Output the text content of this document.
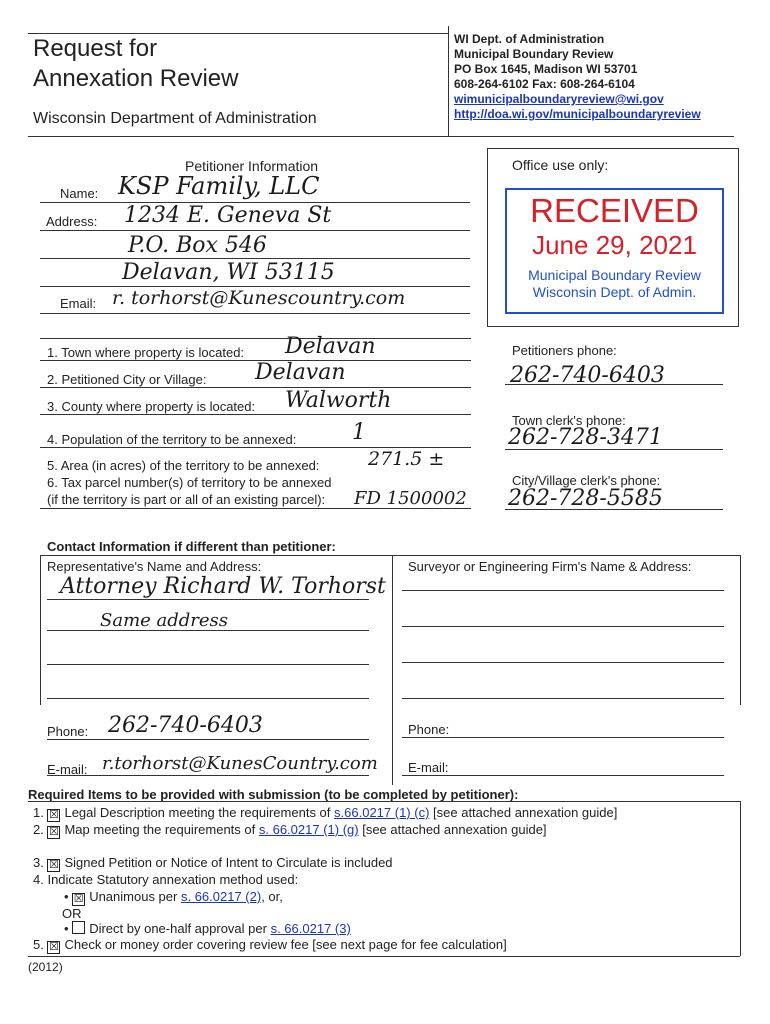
Request for
Annexation Review
Wisconsin Department of Administration
WI Dept. of Administration
Municipal Boundary Review
PO Box 1645, Madison WI 53701
608-264-6102 Fax: 608-264-6104
wimunicipalboundaryreview@wi.gov
http://doa.wi.gov/municipalboundaryreview
Petitioner Information
Name: KSP Family, LLC
Address: 1234 E. Geneva St
P.O. Box 546
Delavan, WI 53115
Email: r. torhorst@Kunescountry.com
Office use only:
RECEIVED
June 29, 2021
Municipal Boundary Review
Wisconsin Dept. of Admin.
1. Town where property is located: Delavan
2. Petitioned City or Village: Delavan
3. County where property is located: Walworth
4. Population of the territory to be annexed:	1
5. Area (in acres) of the territory to be annexed:	271.5 ±
6. Tax parcel number(s) of territory to be annexed
(if the territory is part or all of an existing parcel): FD 1500002
Petitioners phone:
262-740-6403
Town clerk's phone:
262-728-3471
City/Village clerk's phone:
262-728-5585
Contact Information if different than petitioner:
Representative's Name and Address:
Attorney Richard W. Torhorst
Same address
Surveyor or Engineering Firm's Name & Address:
Phone: 262-740-6403	Phone:
E-mail: r.torhorst@KunesCountry.com E-mail:
Required Items to be provided with submission (to be completed by petitioner):
1. ☒ Legal Description meeting the requirements of s.66.0217 (1) (c) [see attached annexation guide]
2. ☒ Map meeting the requirements of s. 66.0217 (1) (g) [see attached annexation guide]
3. ☒ Signed Petition or Notice of Intent to Circulate is included
4. Indicate Statutory annexation method used:
• ☒ Unanimous per s. 66.0217 (2), or,
OR
• Direct by one-half approval per s. 66.0217 (3)
5. ☒ Check or money order covering review fee [see next page for fee calculation]
(2012)
